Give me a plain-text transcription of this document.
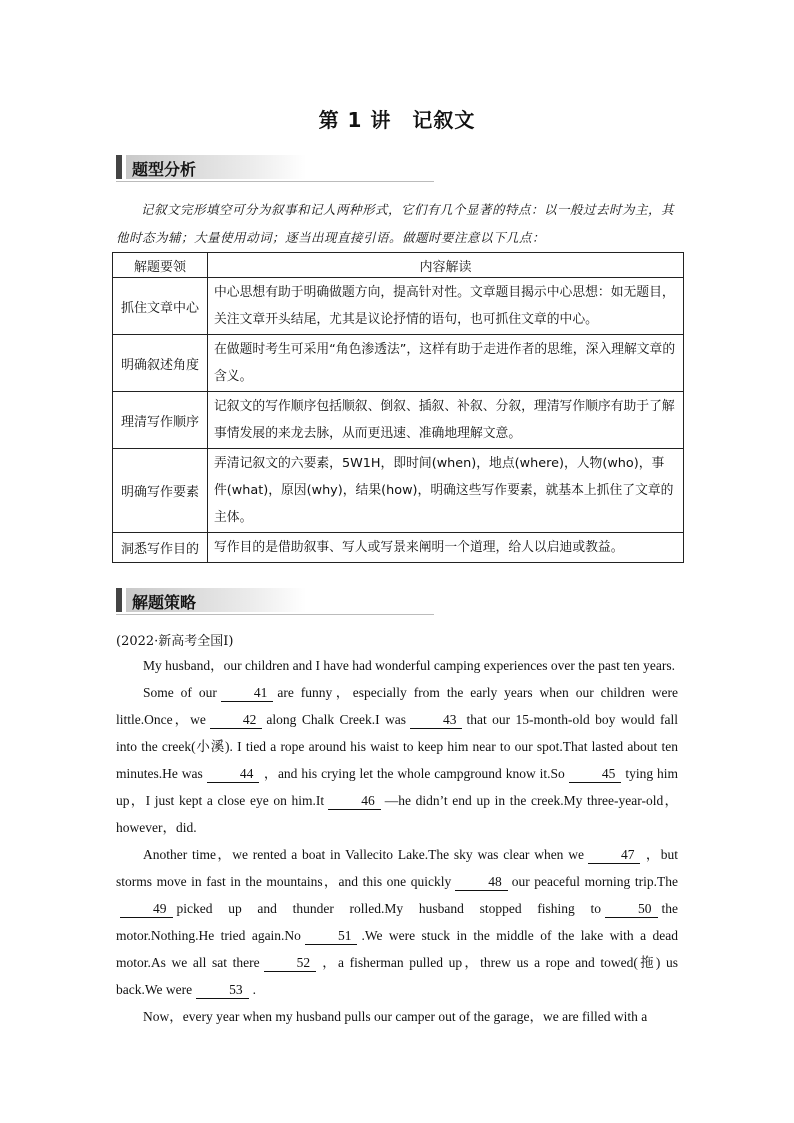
第 1 讲　记叙文
题型分析
记叙文完形填空可分为叙事和记人两种形式，它们有几个显著的特点：以一般过去时为主，其他时态为辅；大量使用动词；逐当出现直接引语。做题时要注意以下几点：
解题要领	内容解读
抓住文章中心	中心思想有助于明确做题方向，提高针对性。文章题目揭示中心思想：如无题目，关注文章开头结尾，尤其是议论抒情的语句，也可抓住文章的中心。
明确叙述角度	在做题时考生可采用“角色渗透法”，这样有助于走进作者的思维，深入理解文章的含义。
理清写作顺序	记叙文的写作顺序包括顺叙、倒叙、插叙、补叙、分叙，理清写作顺序有助于了解事情发展的来龙去脉，从而更迅速、准确地理解文意。
明确写作要素	弄清记叙文的六要素，5W1H，即时间(when)，地点(where)，人物(who)，事件(what)，原因(why)，结果(how)，明确这些写作要素，就基本上抓住了文章的主体。
洞悉写作目的	写作目的是借助叙事、写人或写景来阐明一个道理，给人以启迪或教益。
解题策略
(2022·新高考全国Ⅰ)

My husband，our children and I have had wonderful camping experiences over the past ten years.

Some of our	41 are funny，especially from the early years when our children were little.Once，we	42 along Chalk Creek.I was	43 that our 15-month-old boy would fall into the creek(小溪). I tied a rope around his waist to keep him near to our spot.That lasted about ten minutes.He was	44 ，and his crying let the whole campground know it.So	45 tying him up，I just kept a close eye on him.It	46 —he didn’t end up in the creek.My three-year-old，however，did.

Another time，we rented a boat in Vallecito Lake.The sky was clear when we	47 ，but storms move in fast in the mountains，and this one quickly	48 our peaceful morning trip.The49 picked up and thunder rolled.My husband stopped fishing to	50 the motor.Nothing.He tried again.No	51 .We were stuck in the middle of the lake with a dead motor.As we all sat there	52 ，a fisherman pulled up，threw us a rope and towed(拖) us back.We were	53 .

Now，every year when my husband pulls our camper out of the garage，we are filled with a
